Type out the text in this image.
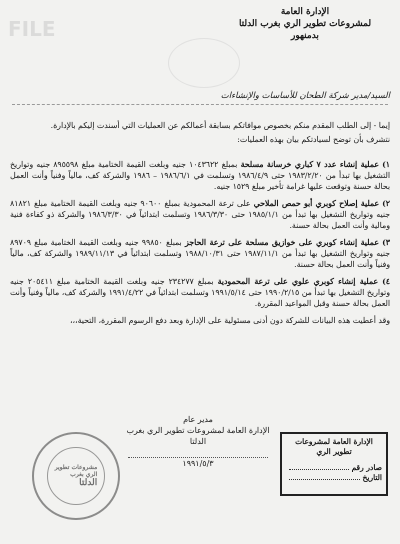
FILE

الإدارة العامة
لمشروعات تطوير الري بغرب الدلتا
بدمنهور
السيد/مدير شركة الطحان للأساسات والإنشاءات

إيما - إلى الطلب المقدم منكم بخصوص موافاتكم بسابقة أعمالكم عن العمليات التي أسندت إليكم بالإدارة.

نتشرف بأن توضح لسيادتكم بيان بهذه العمليات:

١) عملية إنشاء عدد ٧ كباري خرسانة مسلحة بمبلغ ١٠٤٣٦٢٢ جنيه وبلغت القيمة الختامية مبلغ ٨٩٥٥٩٨ جنيه وتواريخ التشغيل بها تبدأ من ١٩٨٣/٢/٢٠ حتى ١٩٨٦/٤/٩ وتسلمت في ١٩٨٦/٦/١ – ١٩٨٦ والشركة كف، مالياً وفنياً وأنت العمل بحالة حسنة وتوقعت عليها غرامة تأخير مبلغ ١٥٢٩ جنيه.

٢) عملية إصلاح كوبري أبو حمص الملاحي على ترعة المحمودية بمبلغ ٩٠٦٠٠ جنيه وبلغت القيمة الختامية مبلغ ٨١٨٢١ جنيه وتواريخ التشغيل بها تبدأ من ١٩٨٥/١/١ حتى ١٩٨٦/٣/٣٠ وتسلمت ابتدائياً في ١٩٨٦/٣/٣٠ والشركة ذو كفاءة فنية ومالية وأنت العمل بحالة حسنة.

٣) عملية إنشاء كوبري على خوازيق مسلحة على ترعة الحاجز بمبلغ ٩٩٨٥٠ جنيه وبلغت القيمة الختامية مبلغ ٨٩٧٠٩ جنيه وتواريخ التشغيل بها تبدأ من ١٩٨٧/١١/١ حتى ١٩٨٨/١٠/٣١ وتسلمت ابتدائياً في ١٩٨٩/١١/١٣ والشركة كف، مالياً وفنياً وأنت العمل بحالة حسنة.

٤) عملية إنشاء كوبري علوي على ترعة المحمودية بمبلغ ٢٣٤٢٧٧ جنيه وبلغت القيمة الختامية مبلغ ٢٠٥٤١١ جنيه وتواريخ التشغيل بها تبدأ من ١٩٩٠/٢/١٥ حتى ١٩٩١/٥/١٤ وتسلمت ابتدائياً في ١٩٩١/٤/٢٢ والشركة كف، مالياً وفنياً وأنت العمل بحالة حسنة وقبل المواعيد المقررة.

وقد أعطيت هذه البيانات للشركة دون أدنى مسئولية على الإدارة وبعد دفع الرسوم المقررة، التحية،،،

مدير عام
الإدارة العامة لمشروعات تطوير الري بغرب الدلتا
١٩٩١/٥/٣
مشروعات تطوير
الري بغرب
الدلتا
الإدارة العامة لمشروعات تطوير الري
صادر رقم
التاريخ
